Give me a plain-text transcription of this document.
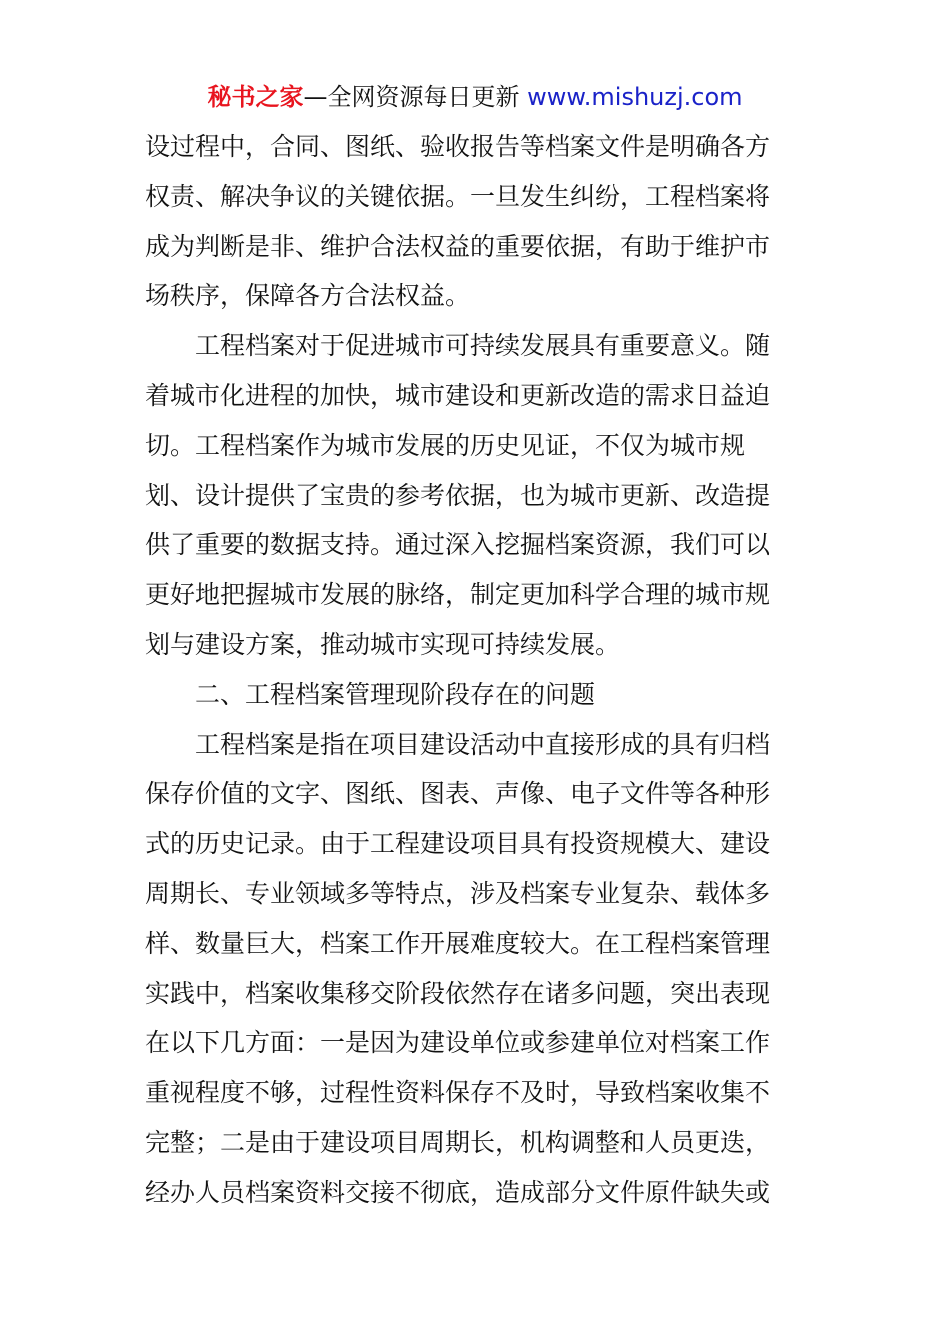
秘书之家—全网资源每日更新 www.mishuzj.com
设过程中，合同、图纸、验收报告等档案文件是明确各方
权责、解决争议的关键依据。一旦发生纠纷，工程档案将
成为判断是非、维护合法权益的重要依据，有助于维护市
场秩序，保障各方合法权益。
工程档案对于促进城市可持续发展具有重要意义。随
着城市化进程的加快，城市建设和更新改造的需求日益迫
切。工程档案作为城市发展的历史见证，不仅为城市规
划、设计提供了宝贵的参考依据，也为城市更新、改造提
供了重要的数据支持。通过深入挖掘档案资源，我们可以
更好地把握城市发展的脉络，制定更加科学合理的城市规
划与建设方案，推动城市实现可持续发展。
二、工程档案管理现阶段存在的问题
工程档案是指在项目建设活动中直接形成的具有归档
保存价值的文字、图纸、图表、声像、电子文件等各种形
式的历史记录。由于工程建设项目具有投资规模大、建设
周期长、专业领域多等特点，涉及档案专业复杂、载体多
样、数量巨大，档案工作开展难度较大。在工程档案管理
实践中，档案收集移交阶段依然存在诸多问题，突出表现
在以下几方面：一是因为建设单位或参建单位对档案工作
重视程度不够，过程性资料保存不及时，导致档案收集不
完整；二是由于建设项目周期长，机构调整和人员更迭，
经办人员档案资料交接不彻底，造成部分文件原件缺失或
